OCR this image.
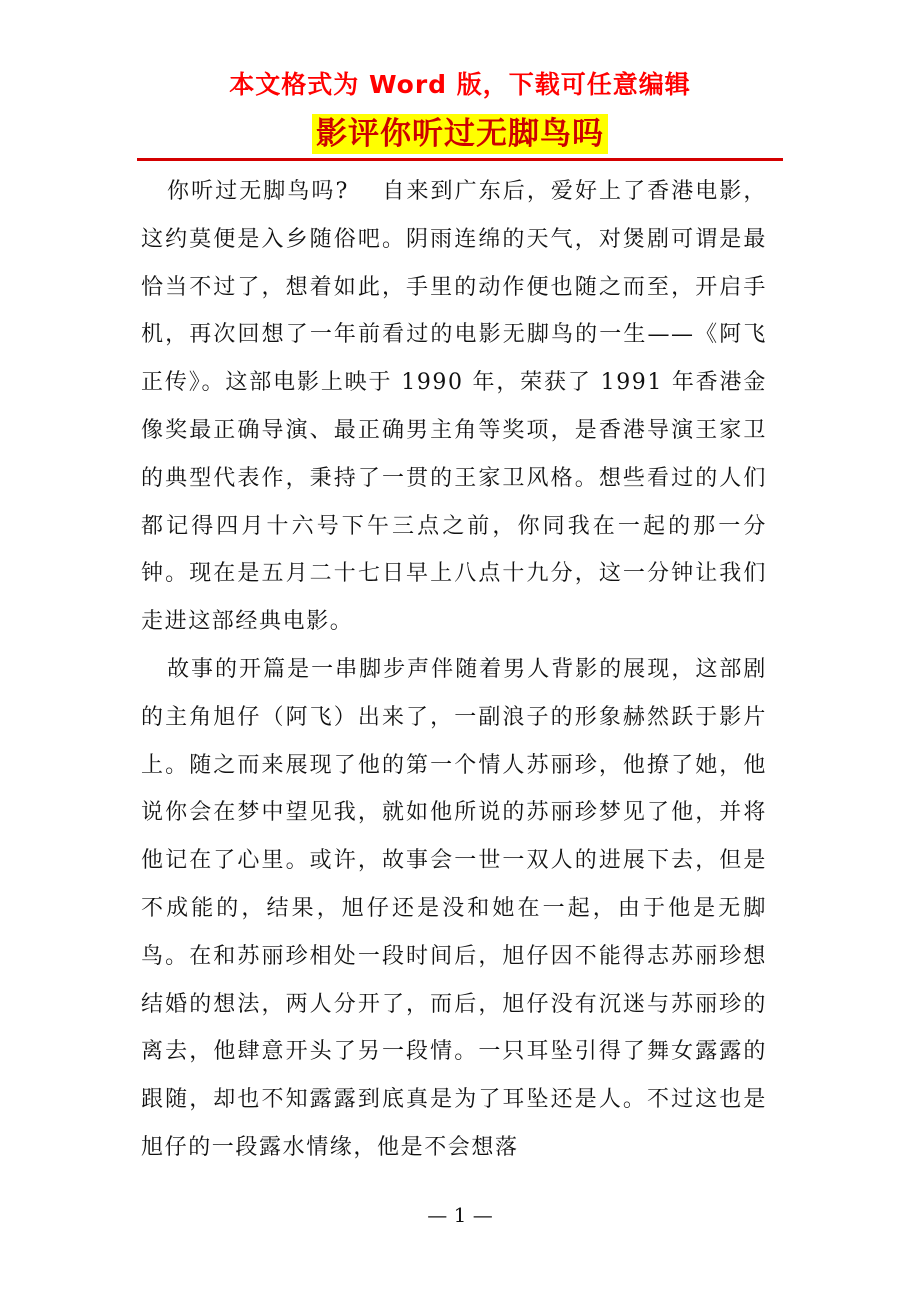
本文格式为 Word 版，下载可任意编辑
影评你听过无脚鸟吗

你听过无脚鸟吗?　 自来到广东后，爱好上了香港电影，这约莫便是入乡随俗吧。阴雨连绵的天气，对煲剧可谓是最恰当不过了，想着如此，手里的动作便也随之而至，开启手机，再次回想了一年前看过的电影无脚鸟的一生——《阿飞正传》。这部电影上映于 1990 年，荣获了 1991 年香港金像奖最正确导演、最正确男主角等奖项，是香港导演王家卫的典型代表作，秉持了一贯的王家卫风格。想些看过的人们都记得四月十六号下午三点之前，你同我在一起的那一分钟。现在是五月二十七日早上八点十九分，这一分钟让我们走进这部经典电影。

故事的开篇是一串脚步声伴随着男人背影的展现，这部剧的主角旭仔（阿飞）出来了，一副浪子的形象赫然跃于影片上。随之而来展现了他的第一个情人苏丽珍，他撩了她，他说你会在梦中望见我，就如他所说的苏丽珍梦见了他，并将他记在了心里。或许，故事会一世一双人的进展下去，但是不成能的，结果，旭仔还是没和她在一起，由于他是无脚鸟。在和苏丽珍相处一段时间后，旭仔因不能得志苏丽珍想结婚的想法，两人分开了，而后，旭仔没有沉迷与苏丽珍的离去，他肆意开头了另一段情。一只耳坠引得了舞女露露的跟随，却也不知露露到底真是为了耳坠还是人。不过这也是旭仔的一段露水情缘，他是不会想落

— 1 —
